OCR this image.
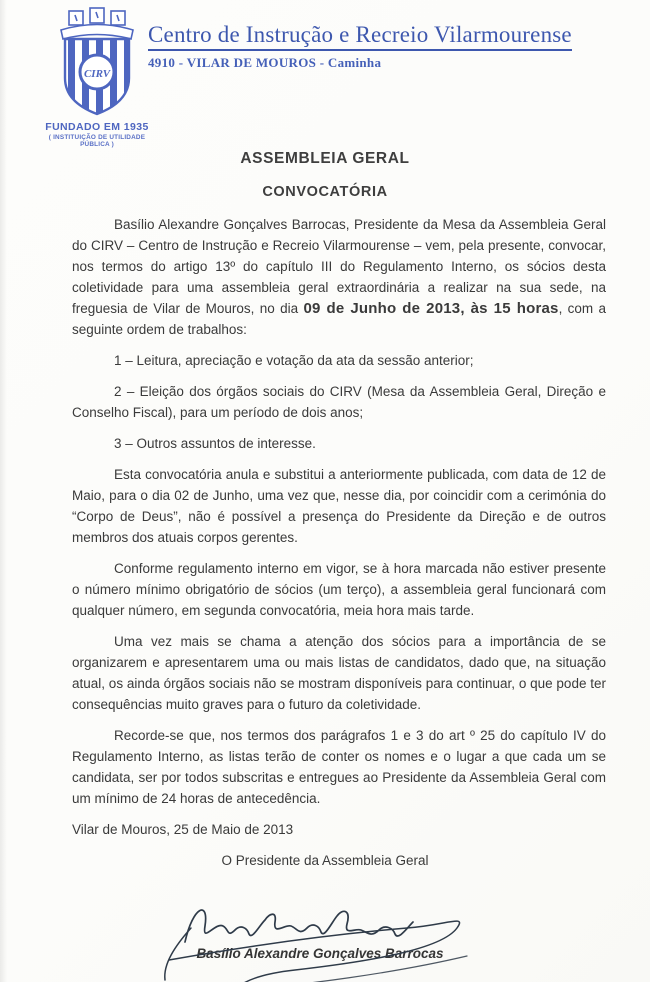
CIRV
FUNDADO EM 1935
( INSTITUIÇÃO DE UTILIDADE PÚBLICA )
Centro de Instrução e Recreio Vilarmourense
4910 - VILAR DE MOUROS - Caminha
ASSEMBLEIA GERAL
CONVOCATÓRIA

Basílio Alexandre Gonçalves Barrocas, Presidente da Mesa da Assembleia Geral do CIRV – Centro de Instrução e Recreio Vilarmourense – vem, pela presente, convocar, nos termos do artigo 13º do capítulo III do Regulamento Interno, os sócios desta coletividade para uma assembleia geral extraordinária a realizar na sua sede, na freguesia de Vilar de Mouros, no dia 09 de Junho de 2013, às 15 horas, com a seguinte ordem de trabalhos:

1 – Leitura, apreciação e votação da ata da sessão anterior;

2 – Eleição dos órgãos sociais do CIRV (Mesa da Assembleia Geral, Direção e Conselho Fiscal), para um período de dois anos;

3 – Outros assuntos de interesse.

Esta convocatória anula e substitui a anteriormente publicada, com data de 12 de Maio, para o dia 02 de Junho, uma vez que, nesse dia, por coincidir com a cerimónia do “Corpo de Deus”, não é possível a presença do Presidente da Direção e de outros membros dos atuais corpos gerentes.

Conforme regulamento interno em vigor, se à hora marcada não estiver presente o número mínimo obrigatório de sócios (um terço), a assembleia geral funcionará com qualquer número, em segunda convocatória, meia hora mais tarde.

Uma vez mais se chama a atenção dos sócios para a importância de se organizarem e apresentarem uma ou mais listas de candidatos, dado que, na situação atual, os ainda órgãos sociais não se mostram disponíveis para continuar, o que pode ter consequências muito graves para o futuro da coletividade.

Recorde-se que, nos termos dos parágrafos 1 e 3 do art º 25 do capítulo IV do Regulamento Interno, as listas terão de conter os nomes e o lugar a que cada um se candidata, ser por todos subscritas e entregues ao Presidente da Assembleia Geral com um mínimo de 24 horas de antecedência.

Vilar de Mouros, 25 de Maio de 2013

O Presidente da Assembleia Geral

Basílio Alexandre Gonçalves Barrocas
